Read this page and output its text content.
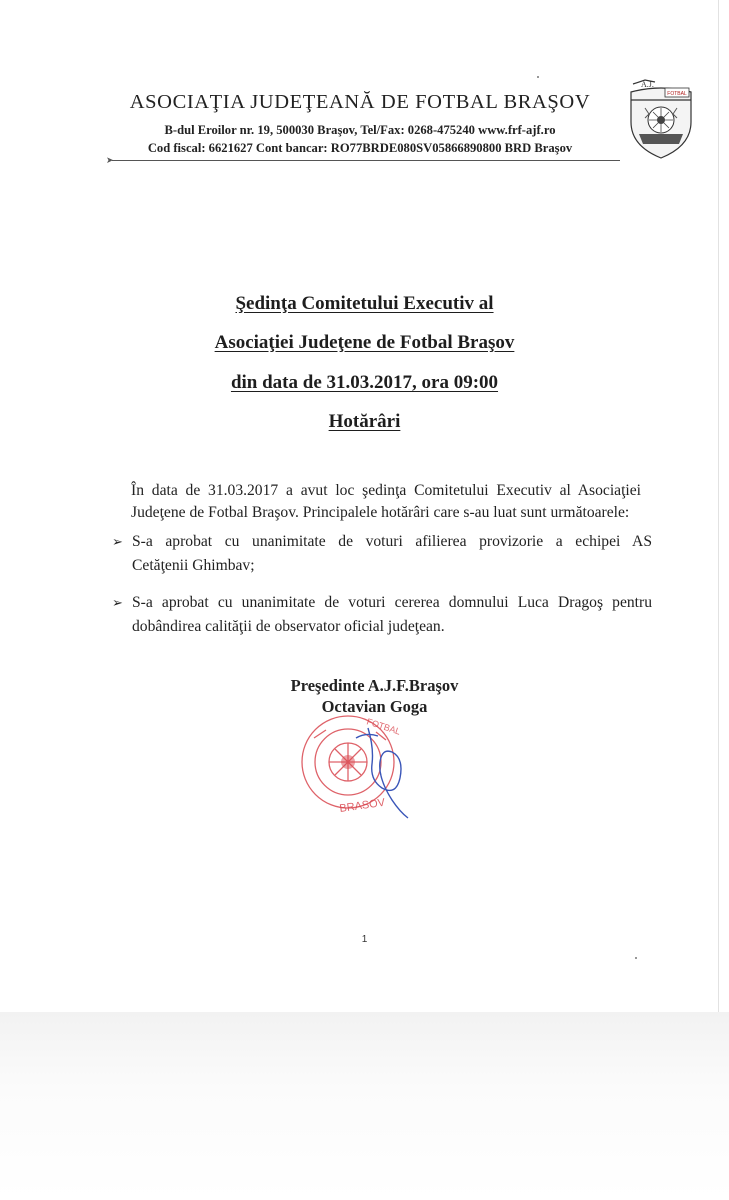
ASOCIAŢIA JUDEŢEANĂ DE FOTBAL BRAŞOV
B-dul Eroilor nr. 19, 500030 Braşov, Tel/Fax: 0268-475240 www.frf-ajf.ro
Cod fiscal: 6621627 Cont bancar: RO77BRDE080SV05866890800 BRD Braşov
➤
FOTBAL
A.J.
Şedinţa Comitetului Executiv al
Asociaţiei Judeţene de Fotbal Braşov
din data de 31.03.2017, ora 09:00
Hotărâri
În data de 31.03.2017 a avut loc şedinţa Comitetului Executiv al Asociaţiei Judeţene de Fotbal Braşov. Principalele hotărâri care s-au luat sunt următoarele:
➢ S-a aprobat cu unanimitate de voturi afilierea provizorie a echipei AS
Cetăţenii Ghimbav;
➢ S-a aprobat cu unanimitate de voturi cererea domnului Luca Dragoş pentru
dobândirea calităţii de observator oficial judeţean.
Preşedinte A.J.F.Braşov
Octavian Goga
BRASOV
FOTBAL
1
